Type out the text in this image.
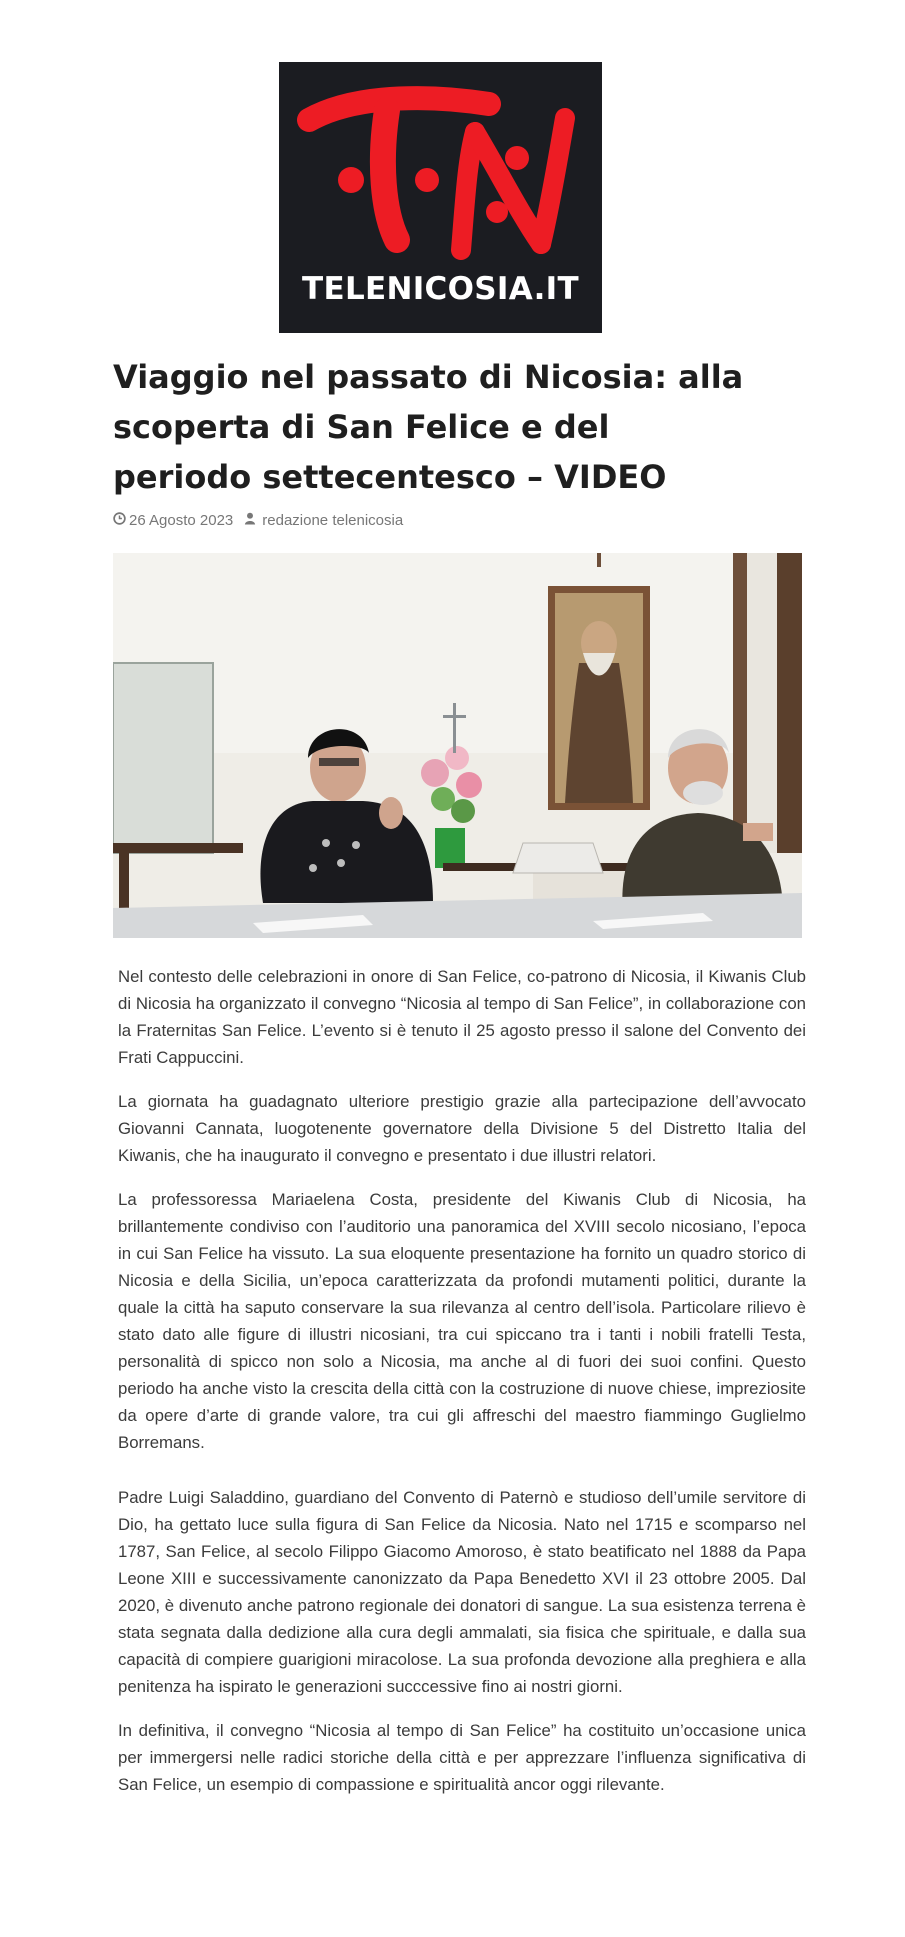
TELENICOSIA.IT
Viaggio nel passato di Nicosia: alla scoperta di San Felice e del periodo settecentesco – VIDEO
26 Agosto 2023 redazione telenicosia

Nel contesto delle celebrazioni in onore di San Felice, co-patrono di Nicosia, il Kiwanis Club di Nicosia ha organizzato il convegno “Nicosia al tempo di San Felice”, in collaborazione con la Fraternitas San Felice. L’evento si è tenuto il 25 agosto presso il salone del Convento dei Frati Cappuccini.

La giornata ha guadagnato ulteriore prestigio grazie alla partecipazione dell’avvocato Giovanni Cannata, luogotenente governatore della Divisione 5 del Distretto Italia del Kiwanis, che ha inaugurato il convegno e presentato i due illustri relatori.

La professoressa Mariaelena Costa, presidente del Kiwanis Club di Nicosia, ha brillantemente condiviso con l’auditorio una panoramica del XVIII secolo nicosiano, l’epoca in cui San Felice ha vissuto. La sua eloquente presentazione ha fornito un quadro storico di Nicosia e della Sicilia, un’epoca caratterizzata da profondi mutamenti politici, durante la quale la città ha saputo conservare la sua rilevanza al centro dell’isola. Particolare rilievo è stato dato alle figure di illustri nicosiani, tra cui spiccano tra i tanti i nobili fratelli Testa, personalità di spicco non solo a Nicosia, ma anche al di fuori dei suoi confini. Questo periodo ha anche visto la crescita della città con la costruzione di nuove chiese, impreziosite da opere d’arte di grande valore, tra cui gli affreschi del maestro fiammingo Guglielmo Borremans.

Padre Luigi Saladdino, guardiano del Convento di Paternò e studioso dell’umile servitore di Dio, ha gettato luce sulla figura di San Felice da Nicosia. Nato nel 1715 e scomparso nel 1787, San Felice, al secolo Filippo Giacomo Amoroso, è stato beatificato nel 1888 da Papa Leone XIII e successivamente canonizzato da Papa Benedetto XVI il 23 ottobre 2005. Dal 2020, è divenuto anche patrono regionale dei donatori di sangue. La sua esistenza terrena è stata segnata dalla dedizione alla cura degli ammalati, sia fisica che spirituale, e dalla sua capacità di compiere guarigioni miracolose. La sua profonda devozione alla preghiera e alla penitenza ha ispirato le generazioni succcessive fino ai nostri giorni.

In definitiva, il convegno “Nicosia al tempo di San Felice” ha costituito un’occasione unica per immergersi nelle radici storiche della città e per apprezzare l’influenza significativa di San Felice, un esempio di compassione e spiritualità ancor oggi rilevante.
